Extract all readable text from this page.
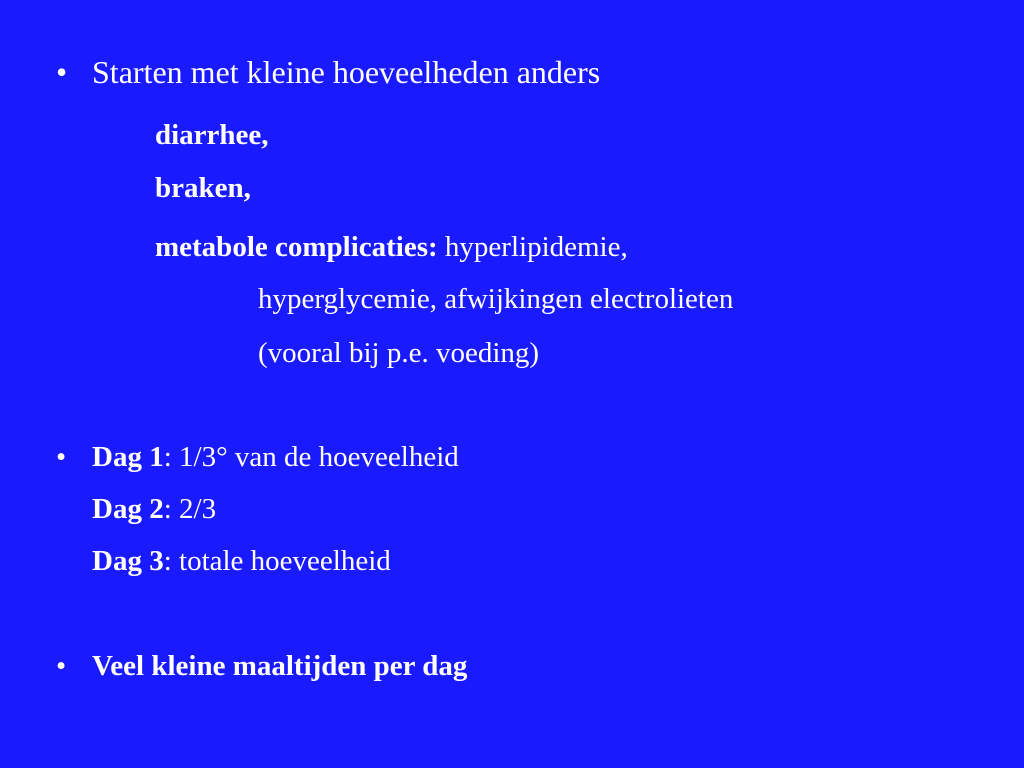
• Starten met kleine hoeveelheden anders
diarrhee,
braken,
metabole complicaties: hyperlipidemie,
hyperglycemie, afwijkingen electrolieten
(vooral bij p.e. voeding)
• Dag 1: 1/3° van de hoeveelheid
Dag 2: 2/3
Dag 3: totale hoeveelheid
• Veel kleine maaltijden per dag
